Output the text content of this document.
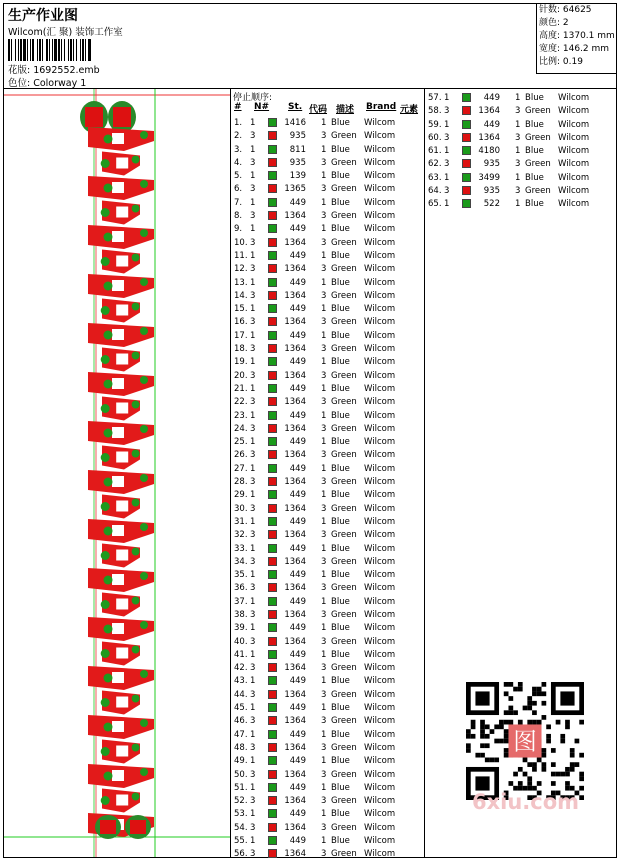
生产作业图
Wilcom(汇 聚) 装饰工作室
花版: 1692552.emb
色位: Colorway 1
针数: 64625
颜色: 2
高度: 1370.1 mm
宽度: 146.2 mm
比例: 0.19
停止顺序:
# N# St. 代码 描述 Brand 元素
1. 1	1416 1 Blue Wilcom
2. 3	935 3 Green Wilcom
3. 1	811 1 Blue Wilcom
4. 3	935 3 Green Wilcom
5. 1	139 1 Blue Wilcom
6. 3	1365 3 Green Wilcom
7. 1	449 1 Blue Wilcom
8. 3	1364 3 Green Wilcom
9. 1	449 1 Blue Wilcom
10. 3	1364 3 Green Wilcom
11. 1	449 1 Blue Wilcom
12. 3	1364 3 Green Wilcom
13. 1	449 1 Blue Wilcom
14. 3	1364 3 Green Wilcom
15. 1	449 1 Blue Wilcom
16. 3	1364 3 Green Wilcom
17. 1	449 1 Blue Wilcom
18. 3	1364 3 Green Wilcom
19. 1	449 1 Blue Wilcom
20. 3	1364 3 Green Wilcom
21. 1	449 1 Blue Wilcom
22. 3	1364 3 Green Wilcom
23. 1	449 1 Blue Wilcom
24. 3	1364 3 Green Wilcom
25. 1	449 1 Blue Wilcom
26. 3	1364 3 Green Wilcom
27. 1	449 1 Blue Wilcom
28. 3	1364 3 Green Wilcom
29. 1	449 1 Blue Wilcom
30. 3	1364 3 Green Wilcom
31. 1	449 1 Blue Wilcom
32. 3	1364 3 Green Wilcom
33. 1	449 1 Blue Wilcom
34. 3	1364 3 Green Wilcom
35. 1	449 1 Blue Wilcom
36. 3	1364 3 Green Wilcom
37. 1	449 1 Blue Wilcom
38. 3	1364 3 Green Wilcom
39. 1	449 1 Blue Wilcom
40. 3	1364 3 Green Wilcom
41. 1	449 1 Blue Wilcom
42. 3	1364 3 Green Wilcom
43. 1	449 1 Blue Wilcom
44. 3	1364 3 Green Wilcom
45. 1	449 1 Blue Wilcom
46. 3	1364 3 Green Wilcom
47. 1	449 1 Blue Wilcom
48. 3	1364 3 Green Wilcom
49. 1	449 1 Blue Wilcom
50. 3	1364 3 Green Wilcom
51. 1	449 1 Blue Wilcom
52. 3	1364 3 Green Wilcom
53. 1	449 1 Blue Wilcom
54. 3	1364 3 Green Wilcom
55. 1	449 1 Blue Wilcom
56. 3	1364 3 Green Wilcom
57. 1	449 1 Blue Wilcom
58. 3	1364 3 Green Wilcom
59. 1	449 1 Blue Wilcom
60. 3	1364 3 Green Wilcom
61. 1	4180 1 Blue Wilcom
62. 3	935 3 Green Wilcom
63. 1	3499 1 Blue Wilcom
64. 3	935 3 Green Wilcom
65. 1	522 1 Blue Wilcom
图
6xiu.com
